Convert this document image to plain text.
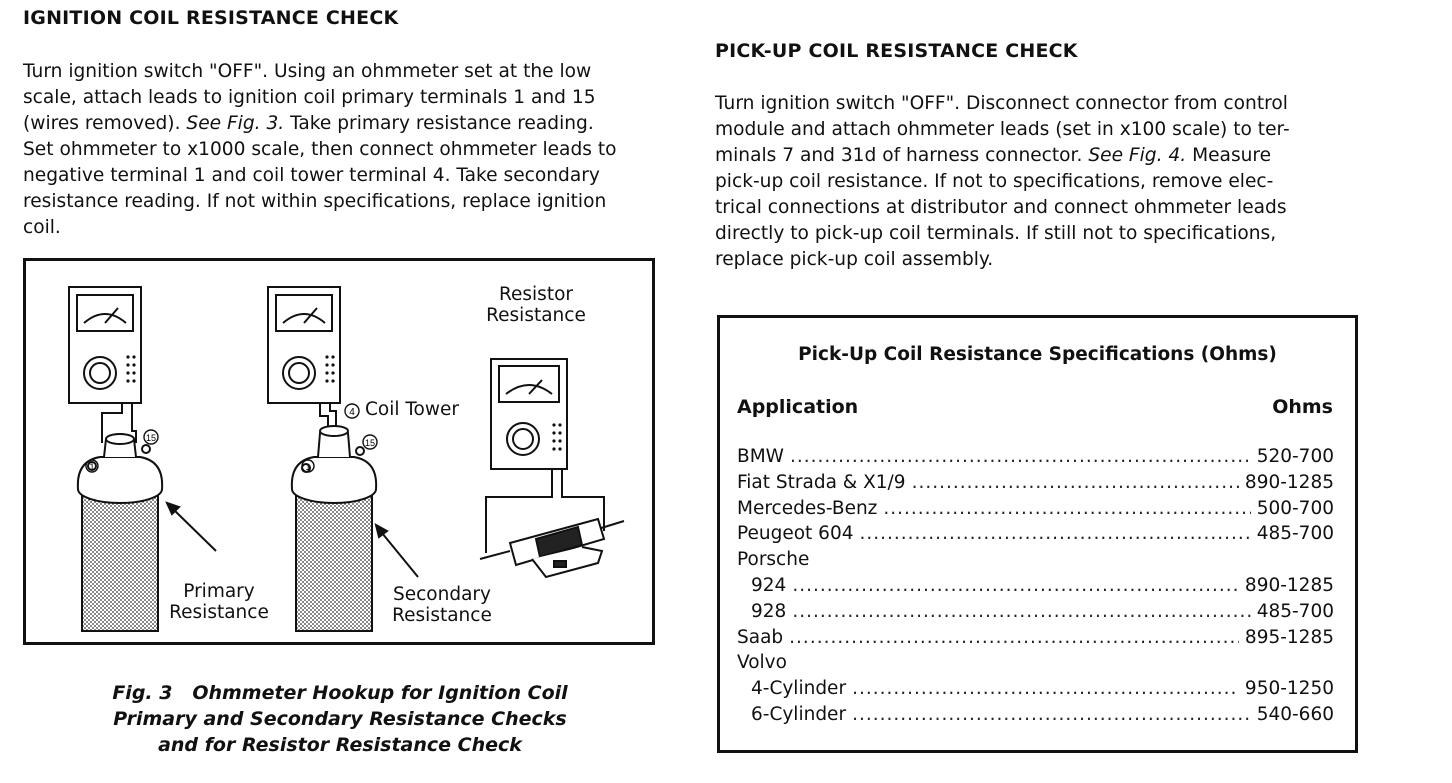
IGNITION COIL RESISTANCE CHECK

Turn ignition switch "OFF". Using an ohmmeter set at the low
scale, attach leads to ignition coil primary terminals 1 and 15
(wires removed). See Fig. 3. Take primary resistance reading.
Set ohmmeter to x1000 scale, then connect ohmmeter leads to
negative terminal 1 and coil tower terminal 4. Take secondary
resistance reading. If not within specifications, replace ignition
coil.

1
15
1
15
4
Resistor
Resistance
Coil Tower
Primary
Resistance
Secondary
Resistance
Fig. 3   Ohmmeter Hookup for Ignition Coil
Primary and Secondary Resistance Checks
and for Resistor Resistance Check
PICK-UP COIL RESISTANCE CHECK

Turn ignition switch "OFF". Disconnect connector from control
module and attach ohmmeter leads (set in x100 scale) to ter-
minals 7 and 31d of harness connector. See Fig. 4. Measure
pick-up coil resistance. If not to specifications, remove elec-
trical connections at distributor and connect ohmmeter leads
directly to pick-up coil terminals. If still not to specifications,
replace pick-up coil assembly.

Pick-Up Coil Resistance Specifications (Ohms)
Application	Ohms
BMW .....	520-700
Fiat Strada & X1/9 .....	890-1285
Mercedes-Benz .....	500-700
Peugeot 604 .....	485-700
Porsche
924 .....	890-1285
928 .....	485-700
Saab .....	895-1285
Volvo
4-Cylinder .....	950-1250
6-Cylinder .....	540-660
